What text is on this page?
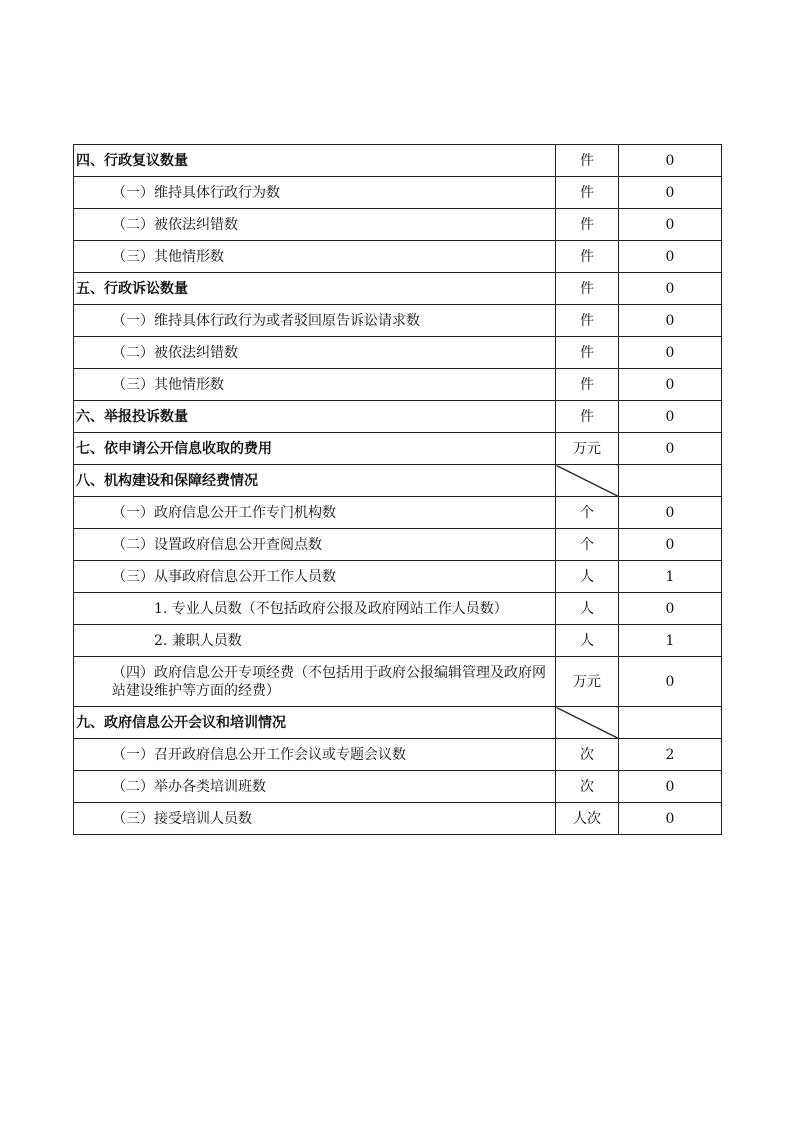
四、行政复议数量	件	0
（一）维持具体行政行为数	件	0
（二）被依法纠错数	件	0
（三）其他情形数	件	0
五、行政诉讼数量	件	0
（一）维持具体行政行为或者驳回原告诉讼请求数	件	0
（二）被依法纠错数	件	0
（三）其他情形数	件	0
六、举报投诉数量	件	0
七、依申请公开信息收取的费用	万元	0
八、机构建设和保障经费情况		
（一）政府信息公开工作专门机构数	个	0
（二）设置政府信息公开查阅点数	个	0
（三）从事政府信息公开工作人员数	人	1
1. 专业人员数（不包括政府公报及政府网站工作人员数）	人	0
2. 兼职人员数	人	1
（四）政府信息公开专项经费（不包括用于政府公报编辑管理及政府网站建设维护等方面的经费）	万元	0
九、政府信息公开会议和培训情况		
（一）召开政府信息公开工作会议或专题会议数	次	2
（二）举办各类培训班数	次	0
（三）接受培训人员数	人次	0
